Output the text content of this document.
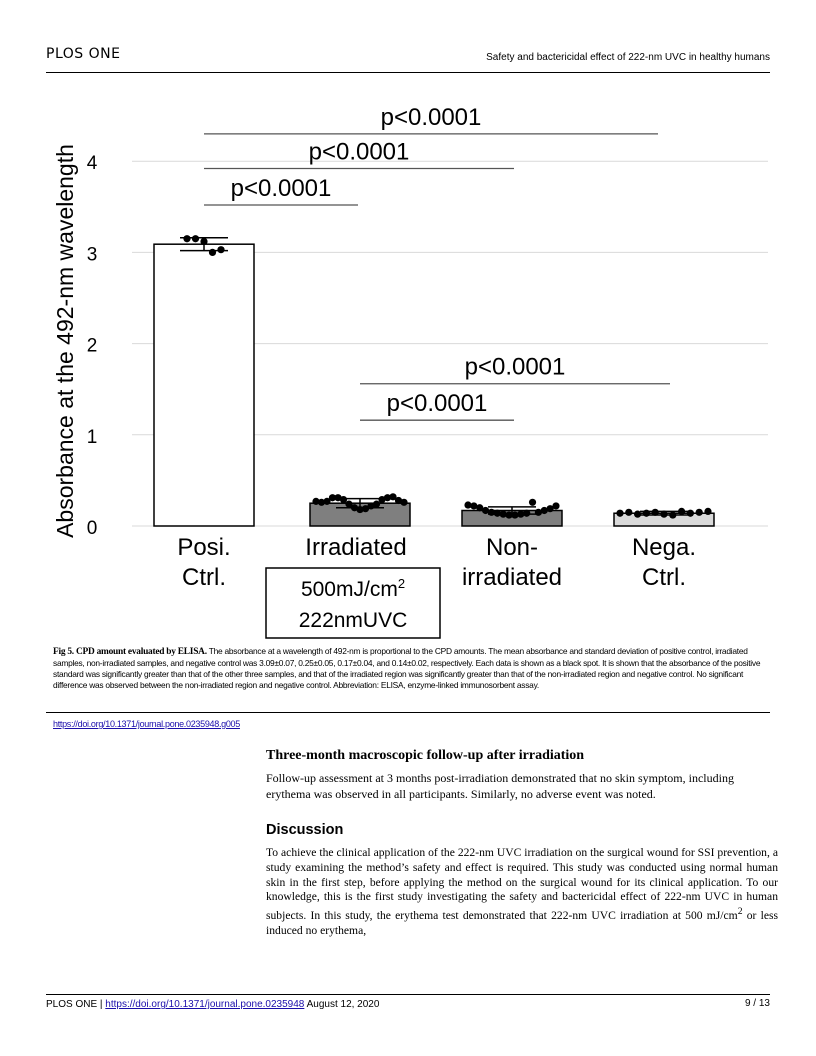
PLOS ONE	Safety and bactericidal effect of 222-nm UVC in healthy humans
p<0.0001
p<0.0001
p<0.0001
p<0.0001
p<0.0001
0
1
2
3
4
Posi.
Ctrl.
Irradiated	Non-
irradiated
Nega.
Ctrl.
Absorbance at the 492-nm wavelength
$500mJ/cm^2$
222nmUVC
Fig 5. CPD amount evaluated by ELISA. The absorbance at a wavelength of 492-nm is proportional to the CPD amounts. The mean absorbance and standard deviation of positive control, irradiated samples, non-irradiated samples, and negative control was 3.09±0.07, 0.25±0.05, 0.17±0.04, and 0.14±0.02, respectively. Each data is shown as a black spot. It is shown that the absorbance of the positive standard was significantly greater than that of the other three samples, and that of the irradiated region was significantly greater than that of the non-irradiated region and negative control. No significant difference was observed between the non-irradiated region and negative control. Abbreviation: ELISA, enzyme-linked immunosorbent assay.
https://doi.org/10.1371/journal.pone.0235948.g005
Three-month macroscopic follow-up after irradiation
Follow-up assessment at 3 months post-irradiation demonstrated that no skin symptom, including erythema was observed in all participants. Similarly, no adverse event was noted.
Discussion
To achieve the clinical application of the 222-nm UVC irradiation on the surgical wound for SSI prevention, a study examining the method’s safety and effect is required. This study was conducted using normal human skin in the first step, before applying the method on the surgical wound for its clinical application. To our knowledge, this is the first study investigating the safety and bactericidal effect of 222-nm UVC in human subjects. In this study, the erythema test demonstrated that 222-nm UVC irradiation at 500 $mJ/cm^2$ or less induced no erythema,
PLOS ONE | https://doi.org/10.1371/journal.pone.0235948 August 12, 2020	9 / 13
